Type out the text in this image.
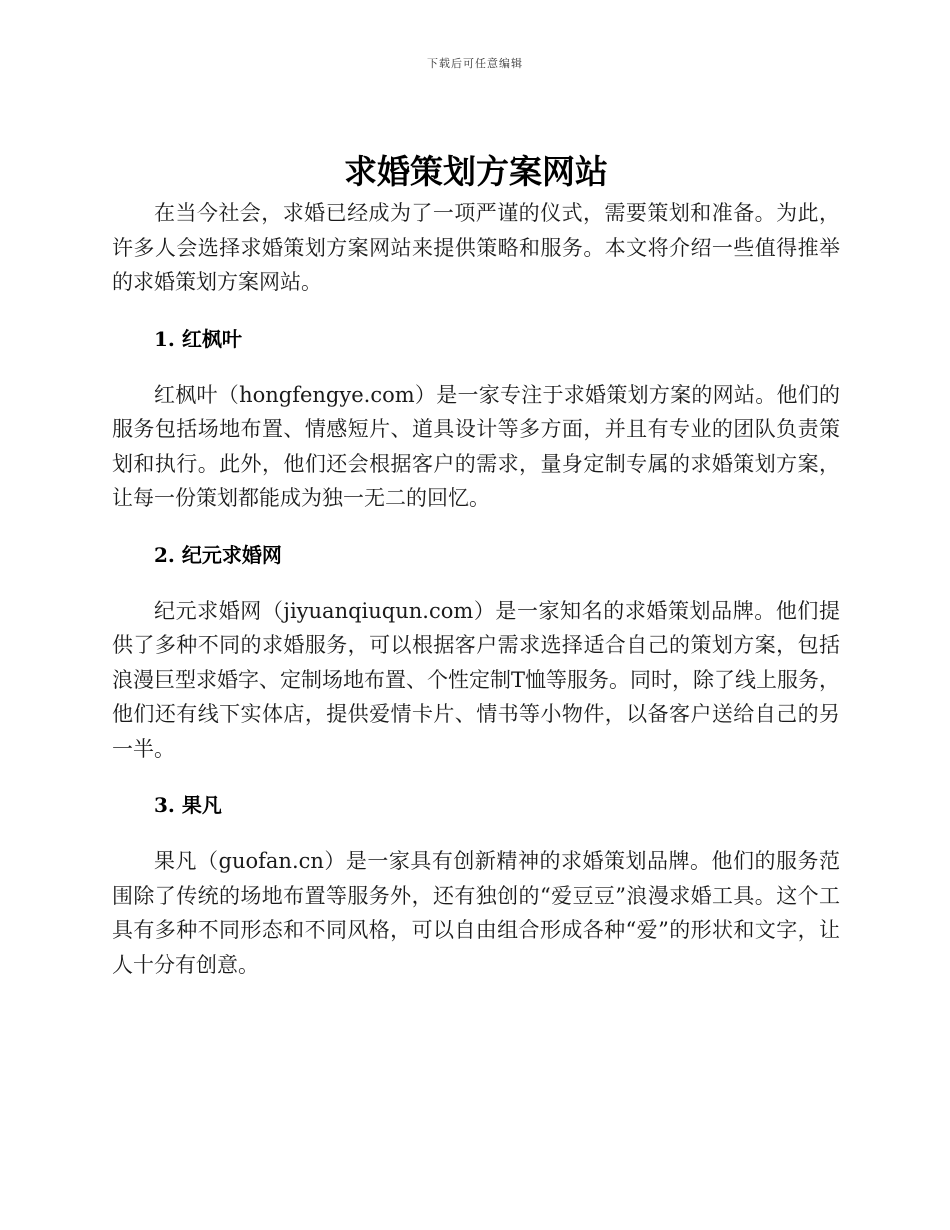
下载后可任意编辑
求婚策划方案网站

在当今社会，求婚已经成为了一项严谨的仪式，需要策划和准备。为此，许多人会选择求婚策划方案网站来提供策略和服务。本文将介绍一些值得推举的求婚策划方案网站。

1. 红枫叶

红枫叶（hongfengye.com）是一家专注于求婚策划方案的网站。他们的服务包括场地布置、情感短片、道具设计等多方面，并且有专业的团队负责策划和执行。此外，他们还会根据客户的需求，量身定制专属的求婚策划方案，让每一份策划都能成为独一无二的回忆。

2. 纪元求婚网

纪元求婚网（jiyuanqiuqun.com）是一家知名的求婚策划品牌。他们提供了多种不同的求婚服务，可以根据客户需求选择适合自己的策划方案，包括浪漫巨型求婚字、定制场地布置、个性定制T恤等服务。同时，除了线上服务，他们还有线下实体店，提供爱情卡片、情书等小物件，以备客户送给自己的另一半。

3. 果凡

果凡（guofan.cn）是一家具有创新精神的求婚策划品牌。他们的服务范围除了传统的场地布置等服务外，还有独创的“爱豆豆”浪漫求婚工具。这个工具有多种不同形态和不同风格，可以自由组合形成各种“爱”的形状和文字，让人十分有创意。
